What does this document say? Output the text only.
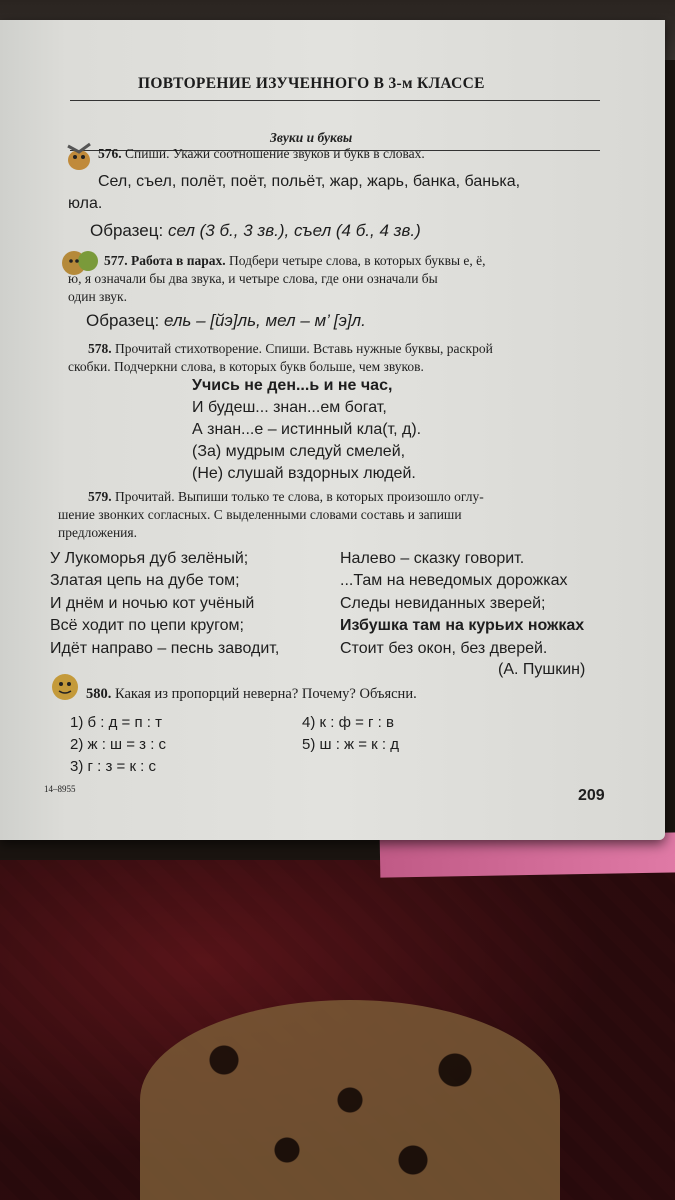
ПОВТОРЕНИЕ ИЗУЧЕННОГО В 3-м КЛАССЕ
Звуки и буквы
576. Спиши. Укажи соотношение звуков и букв в словах.
Сел, съел, полёт, поёт, польёт, жар, жарь, банка, банька,
юла.
Образец: сел (3 б., 3 зв.), съел (4 б., 4 зв.)
577. Работа в парах. Подбери четыре слова, в которых буквы е, ё,
ю, я означали бы два звука, и четыре слова, где они означали бы
один звук.
Образец: ель – [йэ]ль, мел – м’ [э]л.
578. Прочитай стихотворение. Спиши. Вставь нужные буквы, раскрой
скобки. Подчеркни слова, в которых букв больше, чем звуков.
Учись не ден...ь и не час,
И будеш... знан...ем богат,
А знан...е – истинный кла(т, д).
(За) мудрым следуй смелей,
(Не) слушай вздорных людей.
579. Прочитай. Выпиши только те слова, в которых произошло оглу-
шение звонких согласных. С выделенными словами составь и запиши
предложения.
У Лукоморья дуб зелёный;
Златая цепь на дубе том;
И днём и ночью кот учёный
Всё ходит по цепи кругом;
Идёт направо – песнь заводит,
Налево – сказку говорит.
...Там на неведомых дорожках
Следы невиданных зверей;
Избушка там на курьих ножках
Стоит без окон, без дверей.
(А. Пушкин)
580. Какая из пропорций неверна? Почему? Объясни.
1) б : д = п : т
2) ж : ш = з : с
3) г : з = к : с
4) к : ф = г : в
5) ш : ж = к : д
14–8955	209
